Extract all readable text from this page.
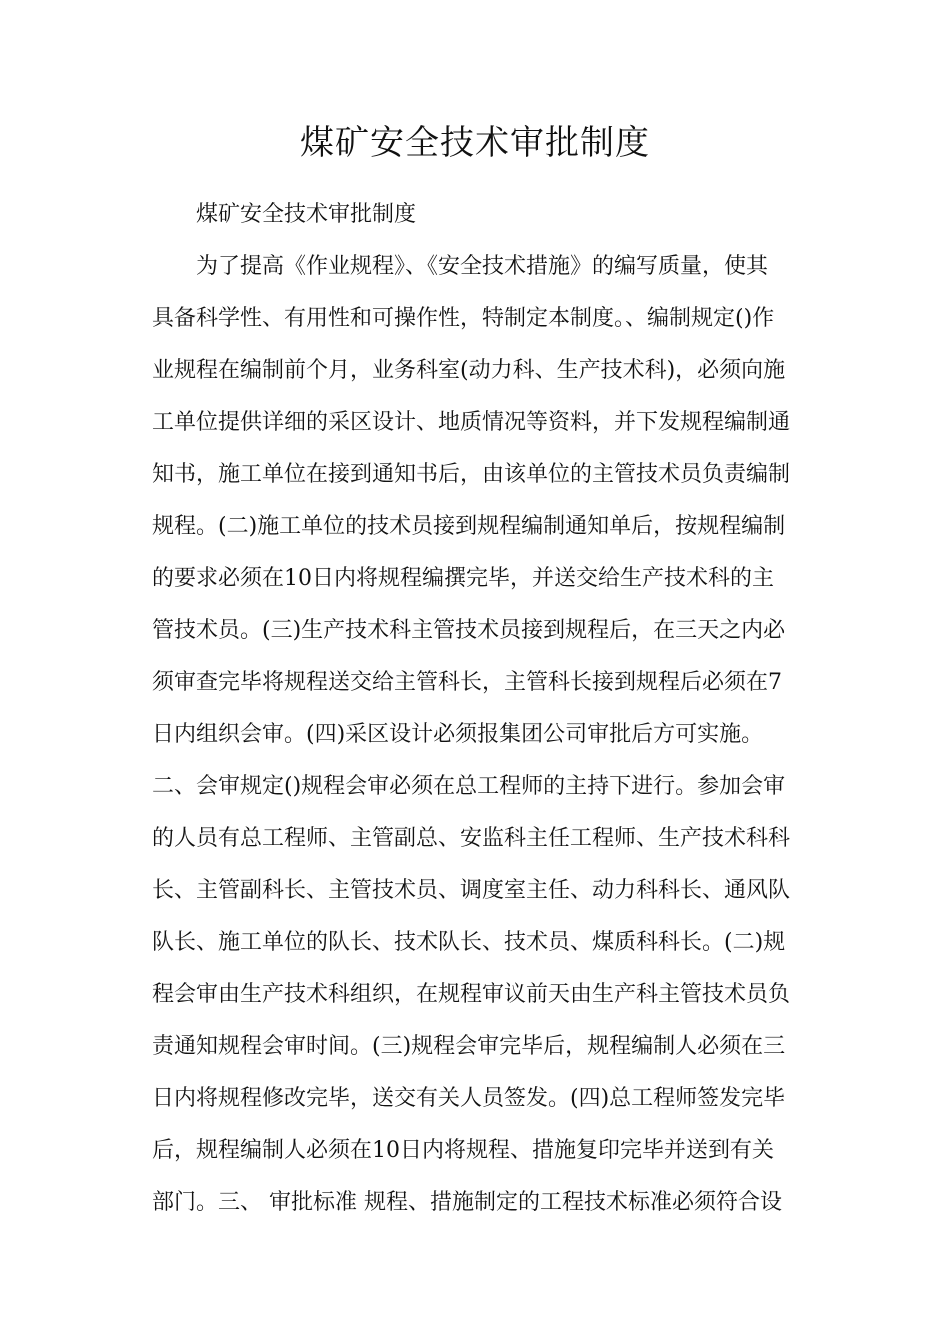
煤矿安全技术审批制度

煤矿安全技术审批制度

为了提高《作业规程》、《安全技术措施》的编写质量，使其

具备科学性、有用性和可操作性，特制定本制度。、编制规定()作

业规程在编制前个月，业务科室(动力科、生产技术科)，必须向施

工单位提供详细的采区设计、地质情况等资料，并下发规程编制通

知书，施工单位在接到通知书后，由该单位的主管技术员负责编制

规程。(二)施工单位的技术员接到规程编制通知单后，按规程编制

的要求必须在10日内将规程编撰完毕，并送交给生产技术科的主

管技术员。(三)生产技术科主管技术员接到规程后，在三天之内必

须审查完毕将规程送交给主管科长，主管科长接到规程后必须在7

日内组织会审。(四)采区设计必须报集团公司审批后方可实施。

二、会审规定()规程会审必须在总工程师的主持下进行。参加会审

的人员有总工程师、主管副总、安监科主任工程师、生产技术科科

长、主管副科长、主管技术员、调度室主任、动力科科长、通风队

队长、施工单位的队长、技术队长、技术员、煤质科科长。(二)规

程会审由生产技术科组织，在规程审议前天由生产科主管技术员负

责通知规程会审时间。(三)规程会审完毕后，规程编制人必须在三

日内将规程修改完毕，送交有关人员签发。(四)总工程师签发完毕

后，规程编制人必须在10日内将规程、措施复印完毕并送到有关

部门。三、 审批标准 规程、措施制定的工程技术标准必须符合设
